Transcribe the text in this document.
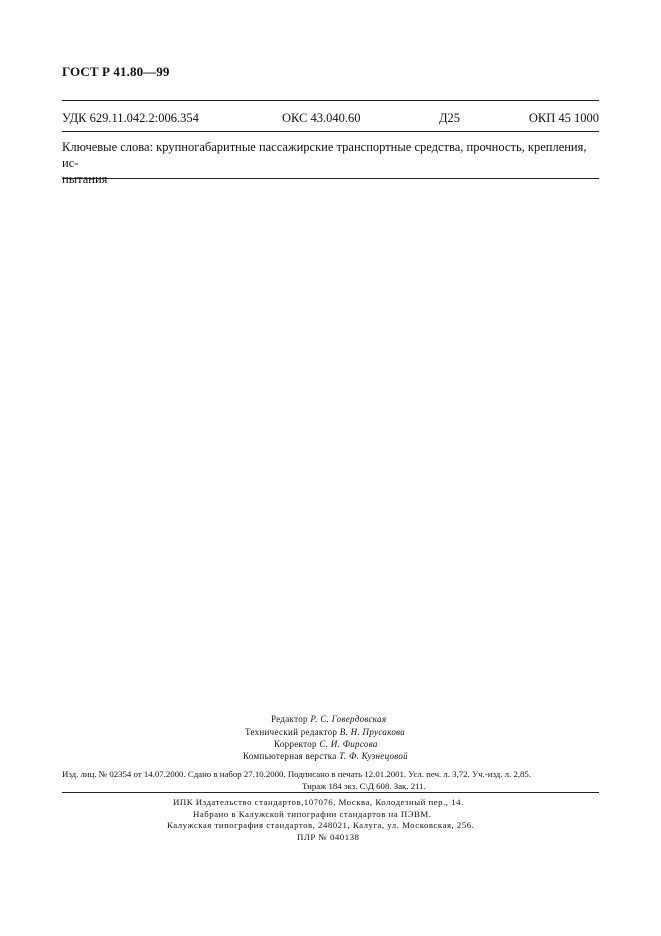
ГОСТ Р 41.80—99
УДК 629.11.042.2:006.354	ОКС 43.040.60	Д25	ОКП 45 1000
Ключевые слова: крупногабаритные пассажирские транспортные средства, прочность, крепления, ис-
пытания
Редактор Р. С. Говердовская
Технический редактор В. Н. Прусакова
Корректор С. И. Фирсова
Компьютерная верстка Т. Ф. Кузнецовой
Изд. лиц. № 02354 от 14.07.2000. Сдано в набор 27.10.2000. Подписано в печать 12.01.2001. Усл. печ. л. 3,72. Уч.-изд. л. 2,85.
Тираж 184 экз. С\Д 608. Зак. 211.
ИПК Издательство стандартов,107076, Москва, Колодезный пер., 14.
Набрано в Калужской типографии стандартов на ПЭВМ.
Калужская типография стандартов, 248021, Калуга, ул. Московская, 256.
ПЛР № 040138
